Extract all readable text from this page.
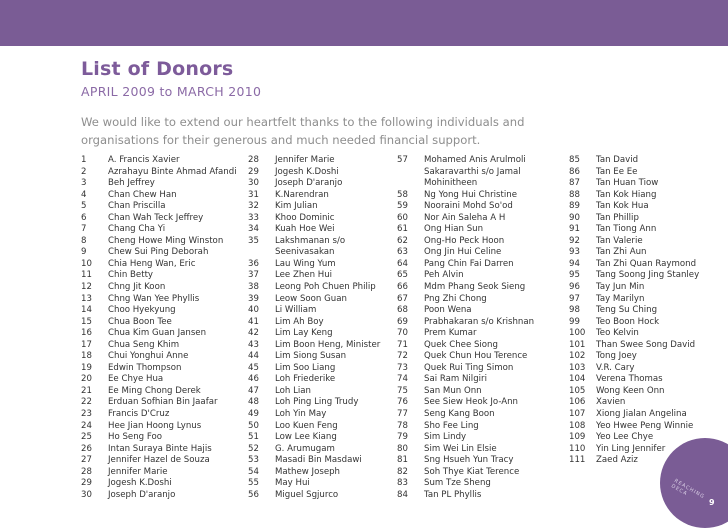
List of Donors
APRIL 2009 to MARCH 2010

We would like to extend our heartfelt thanks to the following individuals and organisations for their generous and much needed financial support.

1	A. Francis Xavier
2	Azrahayu Binte Ahmad Afandi
3	Beh Jeffrey
4	Chan Chew Han
5	Chan Priscilla
6	Chan Wah Teck Jeffrey
7	Chang Cha Yi
8	Cheng Howe Ming Winston
9	Chew Sui Ping Deborah
10 Chia Heng Wan, Eric
11 Chin Betty
12 Chng Jit Koon
13 Chng Wan Yee Phyllis
14 Choo Hyekyung
15 Chua Boon Tee
16 Chua Kim Guan Jansen
17 Chua Seng Khim
18 Chui Yonghui Anne
19 Edwin Thompson
20 Ee Chye Hua
21 Ee Ming Chong Derek
22 Erduan Sofhian Bin Jaafar
23 Francis D'Cruz
24 Hee Jian Hoong Lynus
25 Ho Seng Foo
26 Intan Suraya Binte Hajis
27 Jennifer Hazel de Souza
28 Jennifer Marie
29 Jogesh K.Doshi
30 Joseph D'aranjo
28 Jennifer Marie
29 Jogesh K.Doshi
30 Joseph D'aranjo
31 K.Narendran
32 Kim Julian
33 Khoo Dominic
34 Kuah Hoe Wei
35 Lakshmanan s/o
Seenivasakan
36 Lau Wing Yum
37 Lee Zhen Hui
38 Leong Poh Chuen Philip
39 Leow Soon Guan
40 Li William
41 Lim Ah Boy
42 Lim Lay Keng
43 Lim Boon Heng, Minister
44 Lim Siong Susan
45 Lim Soo Liang
46 Loh Friederike
47 Loh Lian
48 Loh Ping Ling Trudy
49 Loh Yin May
50 Loo Kuen Feng
51 Low Lee Kiang
52 G. Arumugam
53 Masadi Bin Masdawi
54 Mathew Joseph
55 May Hui
56 Miguel Sgjurco
57 Mohamed Anis Arulmoli
Sakaravarthi s/o Jamal
Mohinitheen
58 Ng Yong Hui Christine
59 Nooraini Mohd So'od
60 Nor Ain Saleha A H
61 Ong Hian Sun
62 Ong-Ho Peck Hoon
63 Ong Jin Hui Celine
64 Pang Chin Fai Darren
65 Peh Alvin
66 Mdm Phang Seok Sieng
67 Png Zhi Chong
68 Poon Wena
69 Prabhakaran s/o Krishnan
70 Prem Kumar
71 Quek Chee Siong
72 Quek Chun Hou Terence
73 Quek Rui Ting Simon
74 Sai Ram Nilgiri
75 San Mun Onn
76 See Siew Heok Jo-Ann
77 Seng Kang Boon
78 Sho Fee Ling
79 Sim Lindy
80 Sim Wei Lin Elsie
81 Sng Hsueh Yun Tracy
82 Soh Thye Kiat Terence
83 Sum Tze Sheng
84 Tan PL Phyllis
85 Tan David
86 Tan Ee Ee
87 Tan Huan Tiow
88 Tan Kok Hiang
89 Tan Kok Hua
90 Tan Phillip
91 Tan Tiong Ann
92 Tan Valerie
93 Tan Zhi Aun
94 Tan Zhi Quan Raymond
95 Tang Soong Jing Stanley
96 Tay Jun Min
97 Tay Marilyn
98 Teng Su Ching
99 Teo Boon Hock
100 Teo Kelvin
101 Than Swee Song David
102 Tong Joey
103 V.R. Cary
104 Verena Thomas
105 Wong Keen Onn
106 Xavien
107 Xiong Jialan Angelina
108 Yeo Hwee Peng Winnie
109 Yeo Lee Chye
110 Yin Ling Jennifer
111 Zaed Aziz
REACHING DECA
9
